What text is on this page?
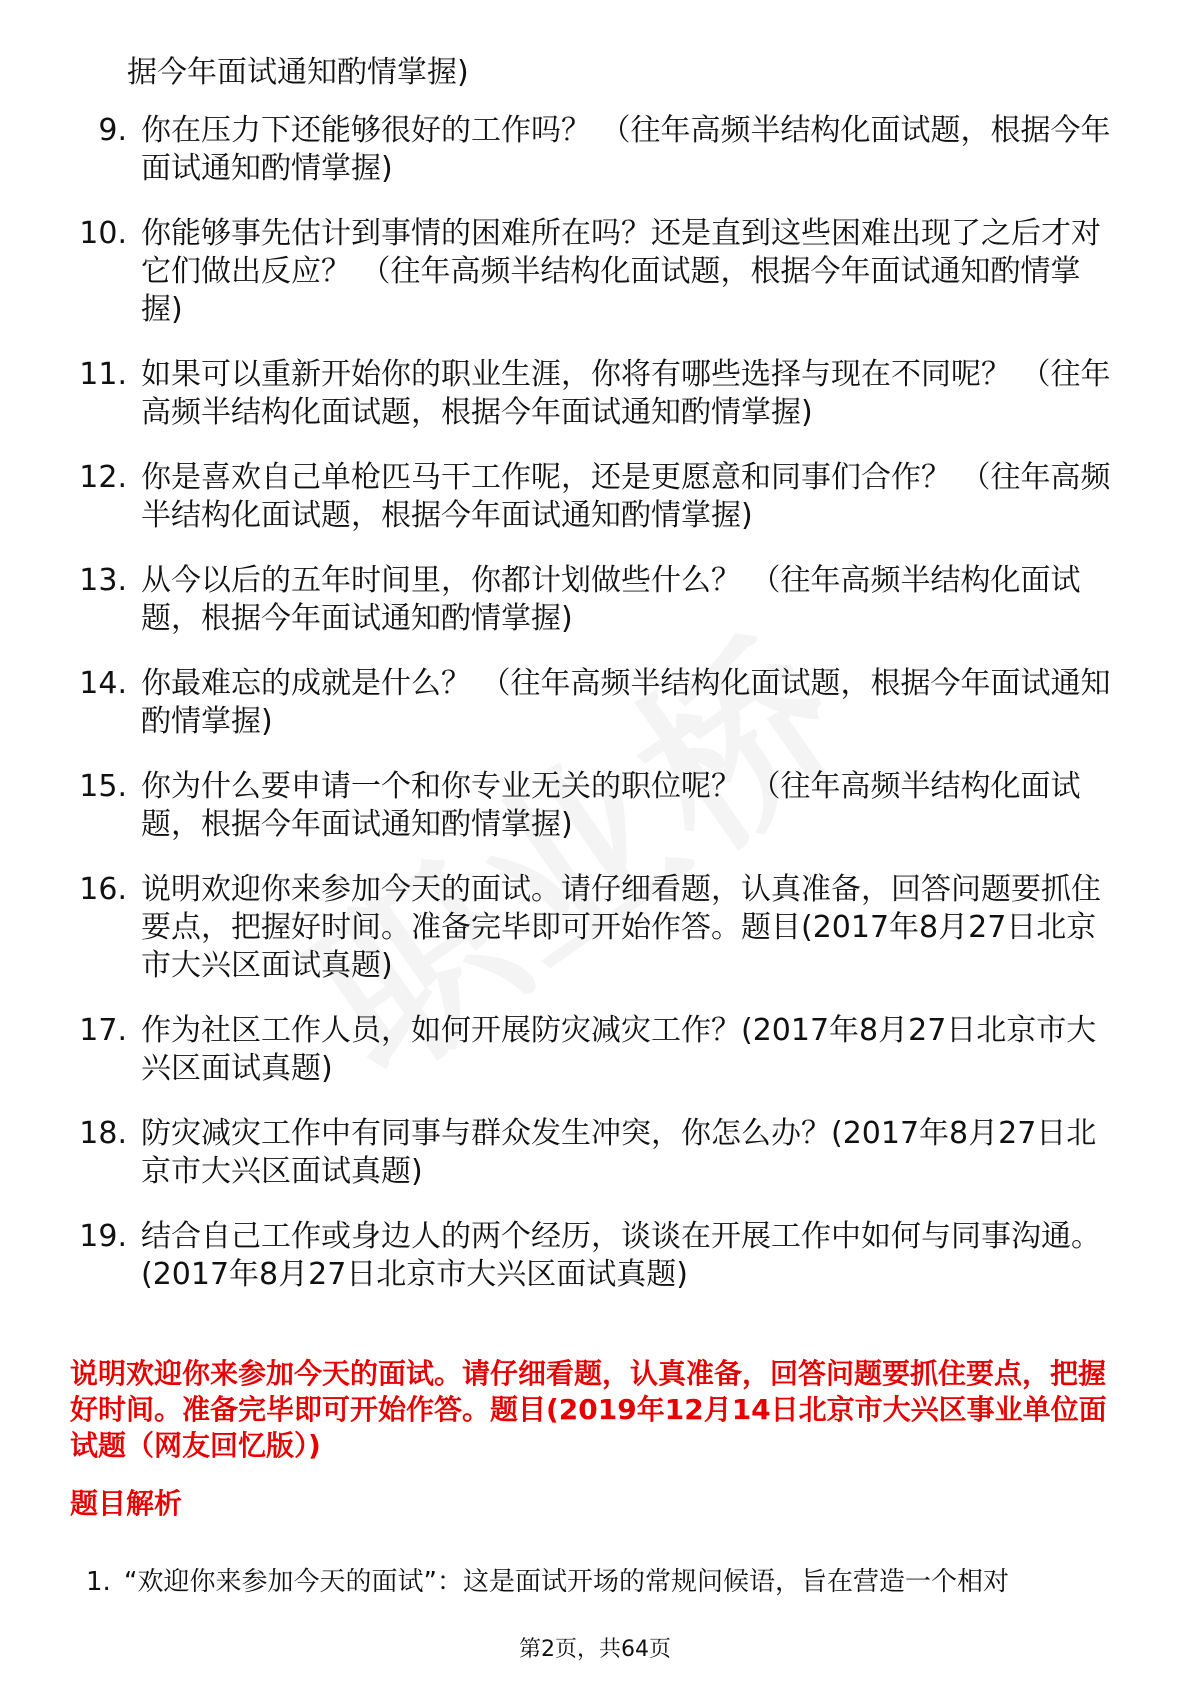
据今年面试通知酌情掌握)
9. 你在压力下还能够很好的工作吗？ （往年高频半结构化面试题，根据今年面试通知酌情掌握)
10. 你能够事先估计到事情的困难所在吗？还是直到这些困难出现了之后才对它们做出反应？ （往年高频半结构化面试题，根据今年面试通知酌情掌握)
11. 如果可以重新开始你的职业生涯，你将有哪些选择与现在不同呢？ （往年高频半结构化面试题，根据今年面试通知酌情掌握)
12. 你是喜欢自己单枪匹马干工作呢，还是更愿意和同事们合作？ （往年高频半结构化面试题，根据今年面试通知酌情掌握)
13. 从今以后的五年时间里，你都计划做些什么？ （往年高频半结构化面试题，根据今年面试通知酌情掌握)
14. 你最难忘的成就是什么？ （往年高频半结构化面试题，根据今年面试通知酌情掌握)
15. 你为什么要申请一个和你专业无关的职位呢？ （往年高频半结构化面试题，根据今年面试通知酌情掌握)
16. 说明欢迎你来参加今天的面试。请仔细看题，认真准备，回答问题要抓住要点，把握好时间。准备完毕即可开始作答。题目(2017年8月27日北京市大兴区面试真题)
17. 作为社区工作人员，如何开展防灾减灾工作？(2017年8月27日北京市大兴区面试真题)
18. 防灾减灾工作中有同事与群众发生冲突，你怎么办？(2017年8月27日北京市大兴区面试真题)
19. 结合自己工作或身边人的两个经历，谈谈在开展工作中如何与同事沟通。(2017年8月27日北京市大兴区面试真题)
说明欢迎你来参加今天的面试。请仔细看题，认真准备，回答问题要抓住要点，把握好时间。准备完毕即可开始作答。题目(2019年12月14日北京市大兴区事业单位面试题（网友回忆版）)
题目解析
1. “欢迎你来参加今天的面试”：这是面试开场的常规问候语，旨在营造一个相对
第2页，共64页
